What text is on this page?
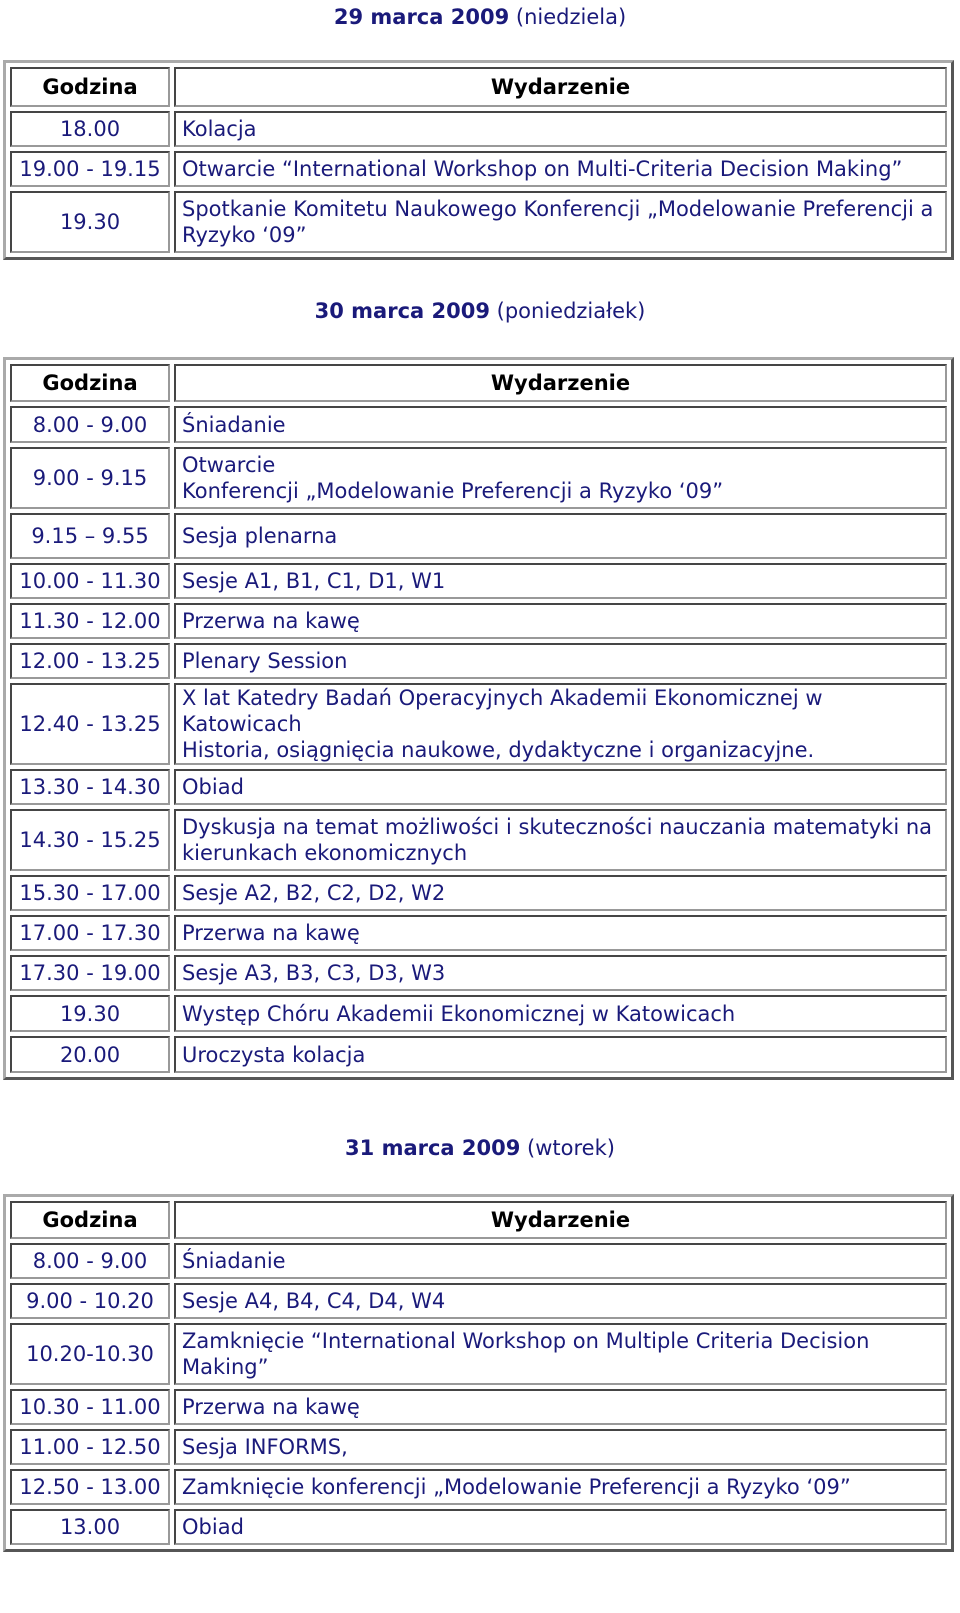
29 marca 2009 (niedziela)
Godzina	Wydarzenie
18.00	Kolacja
19.00 - 19.15	Otwarcie “International Workshop on Multi-Criteria Decision Making”
19.30	Spotkanie Komitetu Naukowego Konferencji „Modelowanie Preferencji a Ryzyko ‘09”
30 marca 2009 (poniedziałek)
Godzina	Wydarzenie
8.00 - 9.00	Śniadanie
9.00 - 9.15	Otwarcie
Konferencji „Modelowanie Preferencji a Ryzyko ‘09”

9.15 – 9.55	Sesja plenarna
10.00 - 11.30	Sesje A1, B1, C1, D1, W1
11.30 - 12.00	Przerwa na kawę
12.00 - 13.25	Plenary Session
12.40 - 13.25	X lat Katedry Badań Operacyjnych Akademii Ekonomicznej w Katowicach
Historia, osiągnięcia naukowe, dydaktyczne i organizacyjne.

13.30 - 14.30	Obiad
14.30 - 15.25	Dyskusja na temat możliwości i skuteczności nauczania matematyki na kierunkach ekonomicznych
15.30 - 17.00	Sesje A2, B2, C2, D2, W2
17.00 - 17.30	Przerwa na kawę
17.30 - 19.00	Sesje A3, B3, C3, D3, W3
19.30	Występ Chóru Akademii Ekonomicznej w Katowicach
20.00	Uroczysta kolacja
31 marca 2009 (wtorek)
Godzina	Wydarzenie
8.00 - 9.00	Śniadanie
9.00 - 10.20	Sesje A4, B4, C4, D4, W4
10.20-10.30	Zamknięcie “International Workshop on Multiple Criteria Decision Making”
10.30 - 11.00	Przerwa na kawę
11.00 - 12.50	Sesja INFORMS,
12.50 - 13.00	Zamknięcie konferencji „Modelowanie Preferencji a Ryzyko ‘09”
13.00	Obiad
